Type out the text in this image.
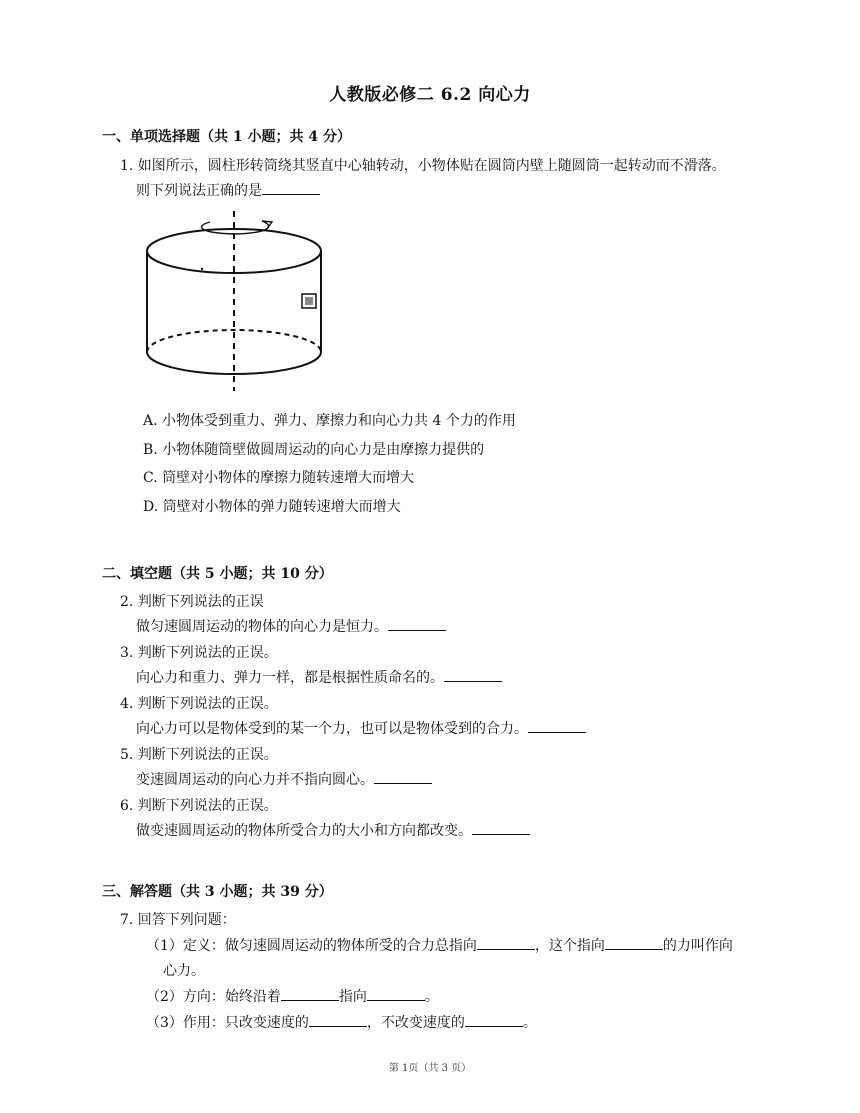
人教版必修二 6.2 向心力
一、单项选择题（共 1 小题；共 4 分）
1. 如图所示，圆柱形转筒绕其竖直中心轴转动，小物体贴在圆筒内壁上随圆筒一起转动而不滑落。
则下列说法正确的是
A. 小物体受到重力、弹力、摩擦力和向心力共 4 个力的作用
B. 小物体随筒壁做圆周运动的向心力是由摩擦力提供的
C. 筒壁对小物体的摩擦力随转速增大而增大
D. 筒壁对小物体的弹力随转速增大而增大
二、填空题（共 5 小题；共 10 分）
2. 判断下列说法的正误
做匀速圆周运动的物体的向心力是恒力。
3. 判断下列说法的正误。
向心力和重力、弹力一样，都是根据性质命名的。
4. 判断下列说法的正误。
向心力可以是物体受到的某一个力，也可以是物体受到的合力。
5. 判断下列说法的正误。
变速圆周运动的向心力并不指向圆心。
6. 判断下列说法的正误。
做变速圆周运动的物体所受合力的大小和方向都改变。
三、解答题（共 3 小题；共 39 分）
7. 回答下列问题：
（1）定义：做匀速圆周运动的物体所受的合力总指向	，这个指向	的力叫作向
心力。
（2）方向：始终沿着	指向	。
（3）作用：只改变速度的	，不改变速度的	。
第 1页（共 3 页）
